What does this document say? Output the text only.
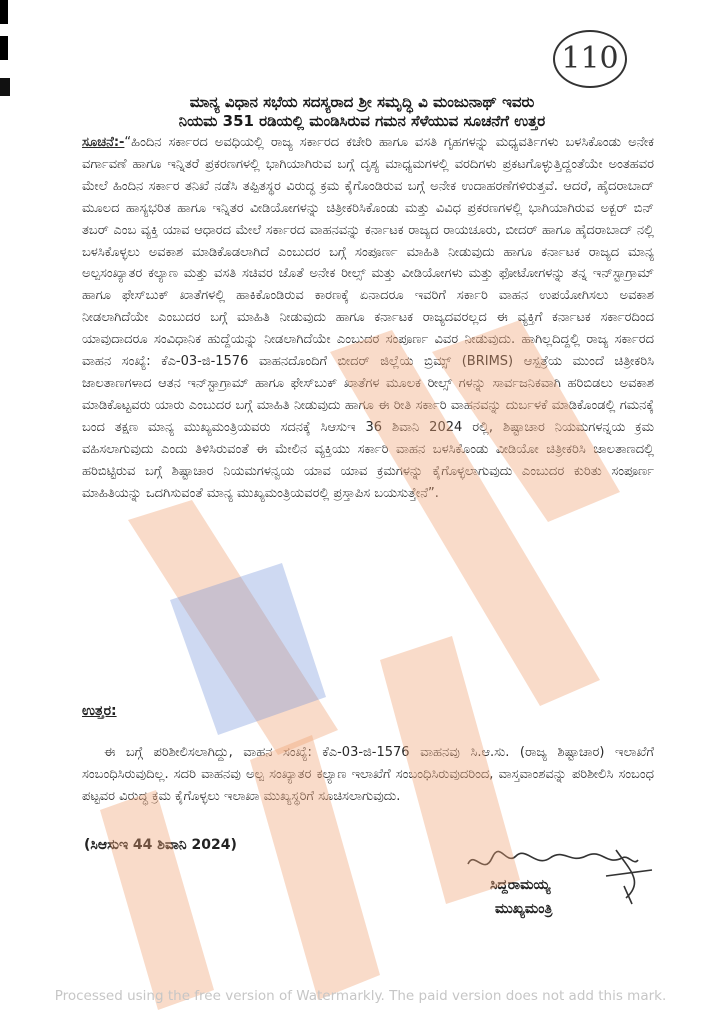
110
ಮಾನ್ಯ ವಿಧಾನ ಸಭೆಯ ಸದಸ್ಯರಾದ ಶ್ರೀ ಸಮೃದ್ಧಿ ವಿ ಮಂಜುನಾಥ್ ಇವರು
ನಿಯಮ 351 ರಡಿಯಲ್ಲಿ ಮಂಡಿಸಿರುವ ಗಮನ ಸೆಳೆಯುವ ಸೂಚನೆಗೆ ಉತ್ತರ
ಸೂಚನೆ:-“ಹಿಂದಿನ ಸರ್ಕಾರದ ಅವಧಿಯಲ್ಲಿ ರಾಜ್ಯ ಸರ್ಕಾರದ ಕಚೇರಿ ಹಾಗೂ ವಸತಿ ಗೃಹಗಳನ್ನು ಮಧ್ಯವರ್ತಿಗಳು ಬಳಸಿಕೊಂಡು ಅನೇಕ ವರ್ಗಾವಣೆ ಹಾಗೂ ಇನ್ನಿತರೆ ಪ್ರಕರಣಗಳಲ್ಲಿ ಭಾಗಿಯಾಗಿರುವ ಬಗ್ಗೆ ದೃಶ್ಯ ಮಾಧ್ಯಮಗಳಲ್ಲಿ ವರದಿಗಳು ಪ್ರಕಟಗೊಳ್ಳುತ್ತಿದ್ದಂತೆಯೇ ಅಂತಹವರ ಮೇಲೆ ಹಿಂದಿನ ಸರ್ಕಾರ ತನಿಖೆ ನಡೆಸಿ ತಪ್ಪಿತಸ್ಥರ ವಿರುದ್ಧ ಕ್ರಮ ಕೈಗೊಂಡಿರುವ ಬಗ್ಗೆ ಅನೇಕ ಉದಾಹರಣೆಗಳಿರುತ್ತವೆ. ಆದರೆ, ಹೈದರಾಬಾದ್ ಮೂಲದ ಹಾಸ್ಯಭರಿತ ಹಾಗೂ ಇನ್ನಿತರ ವೀಡಿಯೋಗಳನ್ನು ಚಿತ್ರೀಕರಿಸಿಕೊಂಡು ಮತ್ತು ವಿವಿಧ ಪ್ರಕರಣಗಳಲ್ಲಿ ಭಾಗಿಯಾಗಿರುವ ಅಕ್ಬರ್ ಬಿನ್ ತಬರ್ ಎಂಬ ವ್ಯಕ್ತಿ ಯಾವ ಆಧಾರದ ಮೇಲೆ ಸರ್ಕಾರದ ವಾಹನವನ್ನು ಕರ್ನಾಟಕ ರಾಜ್ಯದ ರಾಯಚೂರು, ಬೀದರ್ ಹಾಗೂ ಹೈದರಾಬಾದ್ ನಲ್ಲಿ ಬಳಸಿಕೊಳ್ಳಲು ಅವಕಾಶ ಮಾಡಿಕೊಡಲಾಗಿದೆ ಎಂಬುದರ ಬಗ್ಗೆ ಸಂಪೂರ್ಣ ಮಾಹಿತಿ ನೀಡುವುದು ಹಾಗೂ ಕರ್ನಾಟಕ ರಾಜ್ಯದ ಮಾನ್ಯ ಅಲ್ಪಸಂಖ್ಯಾತರ ಕಲ್ಯಾಣ ಮತ್ತು ವಸತಿ ಸಚಿವರ ಜೊತೆ ಅನೇಕ ರೀಲ್ಸ್ ಮತ್ತು ವೀಡಿಯೋಗಳು ಮತ್ತು ಫೋಟೋಗಳನ್ನು ತನ್ನ ಇನ್‌ಸ್ಟಾಗ್ರಾಮ್ ಹಾಗೂ ಫೇಸ್‌ಬುಕ್ ಖಾತೆಗಳಲ್ಲಿ ಹಾಕಿಕೊಂಡಿರುವ ಕಾರಣಕ್ಕೆ ಏನಾದರೂ ಇವರಿಗೆ ಸರ್ಕಾರಿ ವಾಹನ ಉಪಯೋಗಿಸಲು ಅವಕಾಶ ನೀಡಲಾಗಿದೆಯೇ ಎಂಬುದರ ಬಗ್ಗೆ ಮಾಹಿತಿ ನೀಡುವುದು ಹಾಗೂ ಕರ್ನಾಟಕ ರಾಜ್ಯದವರಲ್ಲದ ಈ ವ್ಯಕ್ತಿಗೆ ಕರ್ನಾಟಕ ಸರ್ಕಾರದಿಂದ ಯಾವುದಾದರೂ ಸಂವಿಧಾನಿಕ ಹುದ್ದೆಯನ್ನು ನೀಡಲಾಗಿದೆಯೇ ಎಂಬುದರ ಸಂಪೂರ್ಣ ವಿವರ ನೀಡುವುದು. ಹಾಗಿಲ್ಲದಿದ್ದಲ್ಲಿ ರಾಜ್ಯ ಸರ್ಕಾರದ ವಾಹನ ಸಂಖ್ಯೆ: ಕೆಎ-03-ಜಿ-1576 ವಾಹನದೊಂದಿಗೆ ಬೀದರ್ ಜಿಲ್ಲೆಯ ಬ್ರಿಮ್ಸ್ (BRIMS) ಆಸ್ಪತ್ರೆಯ ಮುಂದೆ ಚಿತ್ರೀಕರಿಸಿ ಜಾಲತಾಣಗಳಾದ ಆತನ ಇನ್‌ಸ್ಟಾಗ್ರಾಮ್ ಹಾಗೂ ಫೇಸ್‌ಬುಕ್ ಖಾತೆಗಳ ಮೂಲಕ ರೀಲ್ಸ್ ಗಳನ್ನು ಸಾರ್ವಜನಿಕವಾಗಿ ಹರಿಬಿಡಲು ಅವಕಾಶ ಮಾಡಿಕೊಟ್ಟವರು ಯಾರು ಎಂಬುದರ ಬಗ್ಗೆ ಮಾಹಿತಿ ನೀಡುವುದು ಹಾಗೂ ಈ ರೀತಿ ಸರ್ಕಾರಿ ವಾಹನವನ್ನು ದುರ್ಬಳಕೆ ಮಾಡಿಕೊಂಡಲ್ಲಿ ಗಮನಕ್ಕೆ ಬಂದ ತಕ್ಷಣ ಮಾನ್ಯ ಮುಖ್ಯಮಂತ್ರಿಯವರು ಸದನಕ್ಕೆ ಸಿಆಸುಇ 36 ಶಿವಾನಿ 2024 ರಲ್ಲಿ, ಶಿಷ್ಟಾಚಾರ ನಿಯಮಗಳನ್ನಯ ಕ್ರಮ ವಹಿಸಲಾಗುವುದು ಎಂದು ತಿಳಿಸಿರುವಂತೆ ಈ ಮೇಲಿನ ವ್ಯಕ್ತಿಯು ಸರ್ಕಾರಿ ವಾಹನ ಬಳಸಿಕೊಂಡು ವೀಡಿಯೋ ಚಿತ್ರೀಕರಿಸಿ ಜಾಲತಾಣದಲ್ಲಿ ಹರಿಬಿಟ್ಟಿರುವ ಬಗ್ಗೆ ಶಿಷ್ಟಾಚಾರ ನಿಯಮಗಳನ್ವಯ ಯಾವ ಯಾವ ಕ್ರಮಗಳನ್ನು ಕೈಗೊಳ್ಳಲಾಗುವುದು ಎಂಬುದರ ಕುರಿತು ಸಂಪೂರ್ಣ ಮಾಹಿತಿಯನ್ನು ಒದಗಿಸುವಂತೆ ಮಾನ್ಯ ಮುಖ್ಯಮಂತ್ರಿಯವರಲ್ಲಿ ಪ್ರಸ್ತಾಪಿಸ ಬಯಸುತ್ತೇನೆ”.
ಉತ್ತರ:
ಈ ಬಗ್ಗೆ ಪರಿಶೀಲಿಸಲಾಗಿದ್ದು, ವಾಹನ ಸಂಖ್ಯೆ: ಕೆಎ-03-ಜಿ-1576 ವಾಹನವು ಸಿ.ಆ.ಸು. (ರಾಜ್ಯ ಶಿಷ್ಟಾಚಾರ) ಇಲಾಖೆಗೆ ಸಂಬಂಧಿಸಿರುವುದಿಲ್ಲ. ಸದರಿ ವಾಹನವು ಅಲ್ಪ ಸಂಖ್ಯಾತರ ಕಲ್ಯಾಣ ಇಲಾಖೆಗೆ ಸಂಬಂಧಿಸಿರುವುದರಿಂದ, ವಾಸ್ತವಾಂಶವನ್ನು ಪರಿಶೀಲಿಸಿ ಸಂಬಂಧ ಪಟ್ಟವರ ವಿರುದ್ಧ ಕ್ರಮ ಕೈಗೊಳ್ಳಲು ಇಲಾಖಾ ಮುಖ್ಯಸ್ಥರಿಗೆ ಸೂಚಿಸಲಾಗುವುದು.
(ಸಿಆಸುಇ 44 ಶಿವಾನಿ 2024)
ಸಿದ್ದರಾಮಯ್ಯ
ಮುಖ್ಯಮಂತ್ರಿ
Processed using the free version of Watermarkly. The paid version does not add this mark.
